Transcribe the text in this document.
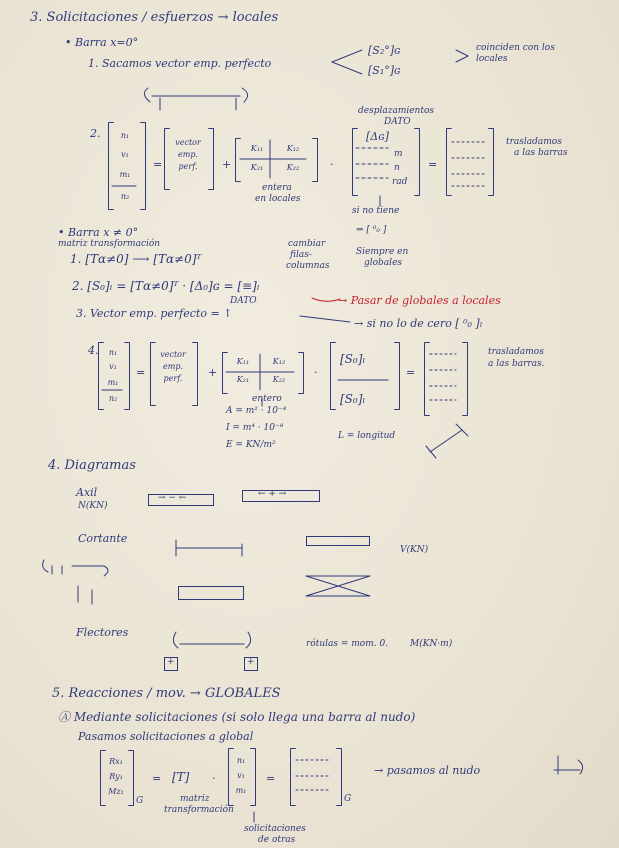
3. Solicitaciones / esfuerzos → locales
• Barra x=0°
1. Sacamos vector emp. perfecto
[S₂°]ɢ
[S₁°]ɢ
coinciden con los locales
desplazamientos
DATO
2.	n₁
v₁
m₁
n₂
=
vector
emp.
perf.	+
K₁₁	K₁₂
K₂₁	K₂₂
entera
en locales
·
[Δɢ]
m
n
rad
=
trasladamos
a las barras
si no tiene
⇒ [ ⁰₀ ]
Siempre en
globales
• Barra x ≠ 0°
matriz transformación
1. [Tα≠0] ⟶ [Tα≠0]ᵀ
cambiar
filas-
columnas
2. [S₀]ₗ = [Tα≠0]ᵀ · [Δ₀]ɢ = [≡]ₗ
DATO	→ Pasar de globales a locales
3. Vector emp. perfecto = ↑
→ si no lo de cero [ ⁰₀ ]ₗ
4.	n₁
v₁
m₁
n₂
=
vector
emp.
perf.	+
K₁₁	K₁₂
K₂₁	K₂₂
entero
·
[S₀]ₗ
[S₀]ₗ
=
trasladamos
a las barras.
A = m² · 10⁻⁴
I = m⁴ · 10⁻⁸
E = KN/m²
L = longitud
4. Diagramas
Axil
N(KN)
→ − ←	← + →
Cortante
V(KN)
Flectores
rótulas = mom. 0. M(KN·m)
+	+
5. Reacciones / mov. → GLOBALES
Ⓐ Mediante solicitaciones (si solo llega una barra al nudo)
Pasamos solicitaciones a global
Rx₁
Ry₁
Mz₁
G
= [T] ·
n₁
v₁
m₁
=
G
→ pasamos al nudo
matriz
transformación
solicitaciones
de otras
